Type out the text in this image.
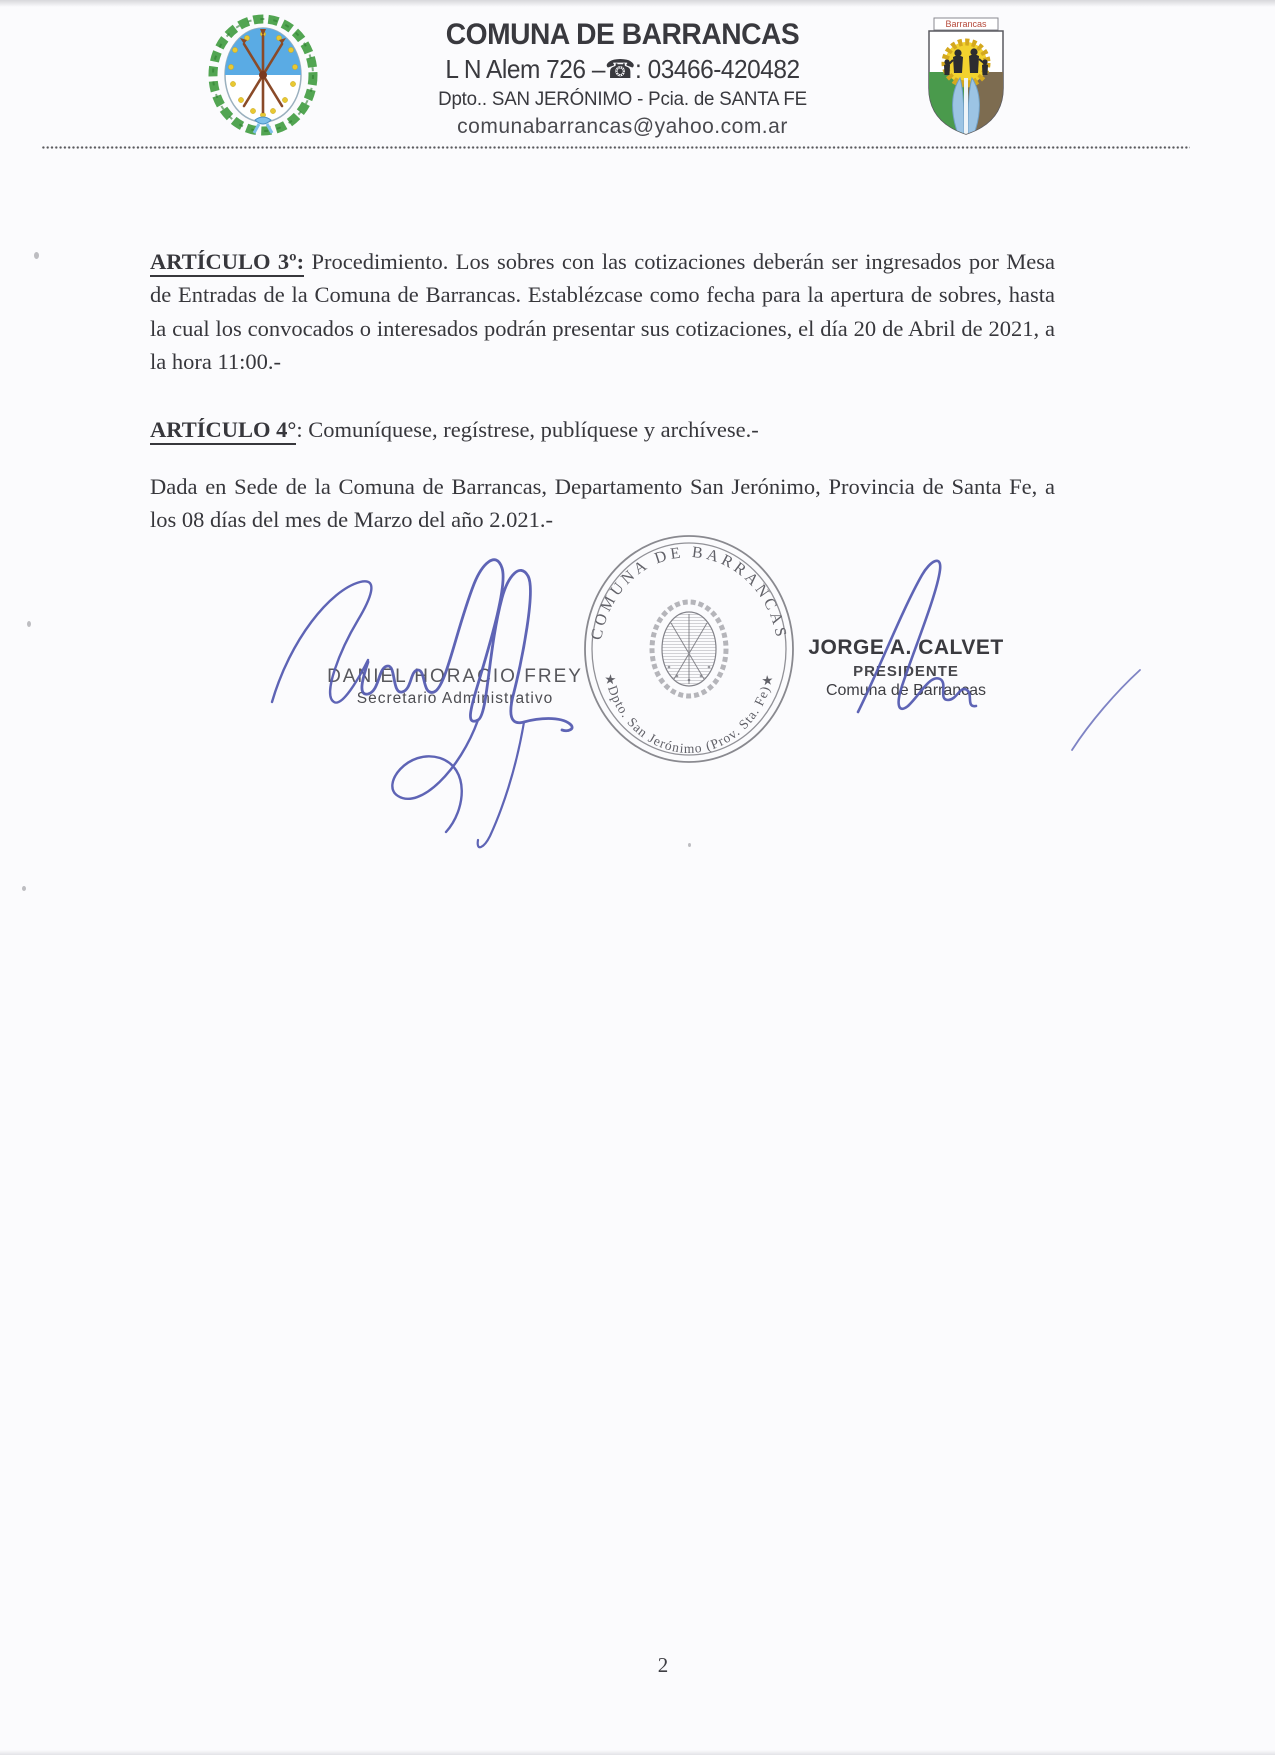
COMUNA DE BARRANCAS
L N Alem 726 –☎: 03466-420482
Dpto.. SAN JERÓNIMO - Pcia. de SANTA FE
comunabarrancas@yahoo.com.ar
Barrancas

ARTÍCULO 3º: Procedimiento. Los sobres con las cotizaciones deberán ser ingresados por Mesa de Entradas de la Comuna de Barrancas. Establézcase como fecha para la apertura de sobres, hasta la cual los convocados o interesados podrán presentar sus cotizaciones, el día 20 de Abril de 2021, a la hora 11:00.-

ARTÍCULO 4°: Comuníquese, regístrese, publíquese y archívese.-

Dada en Sede de la Comuna de Barrancas, Departamento San Jerónimo, Provincia de Santa Fe, a los 08 días del mes de Marzo del año 2.021.-

DANIEL HORACIO FREY
Secretario Administrativo
JORGE A. CALVET
PRESIDENTE
Comuna de Barrancas
COMUNA DE BARRANCAS
★Dpto. San Jerónimo (Prov. Sta. Fe)★
2
